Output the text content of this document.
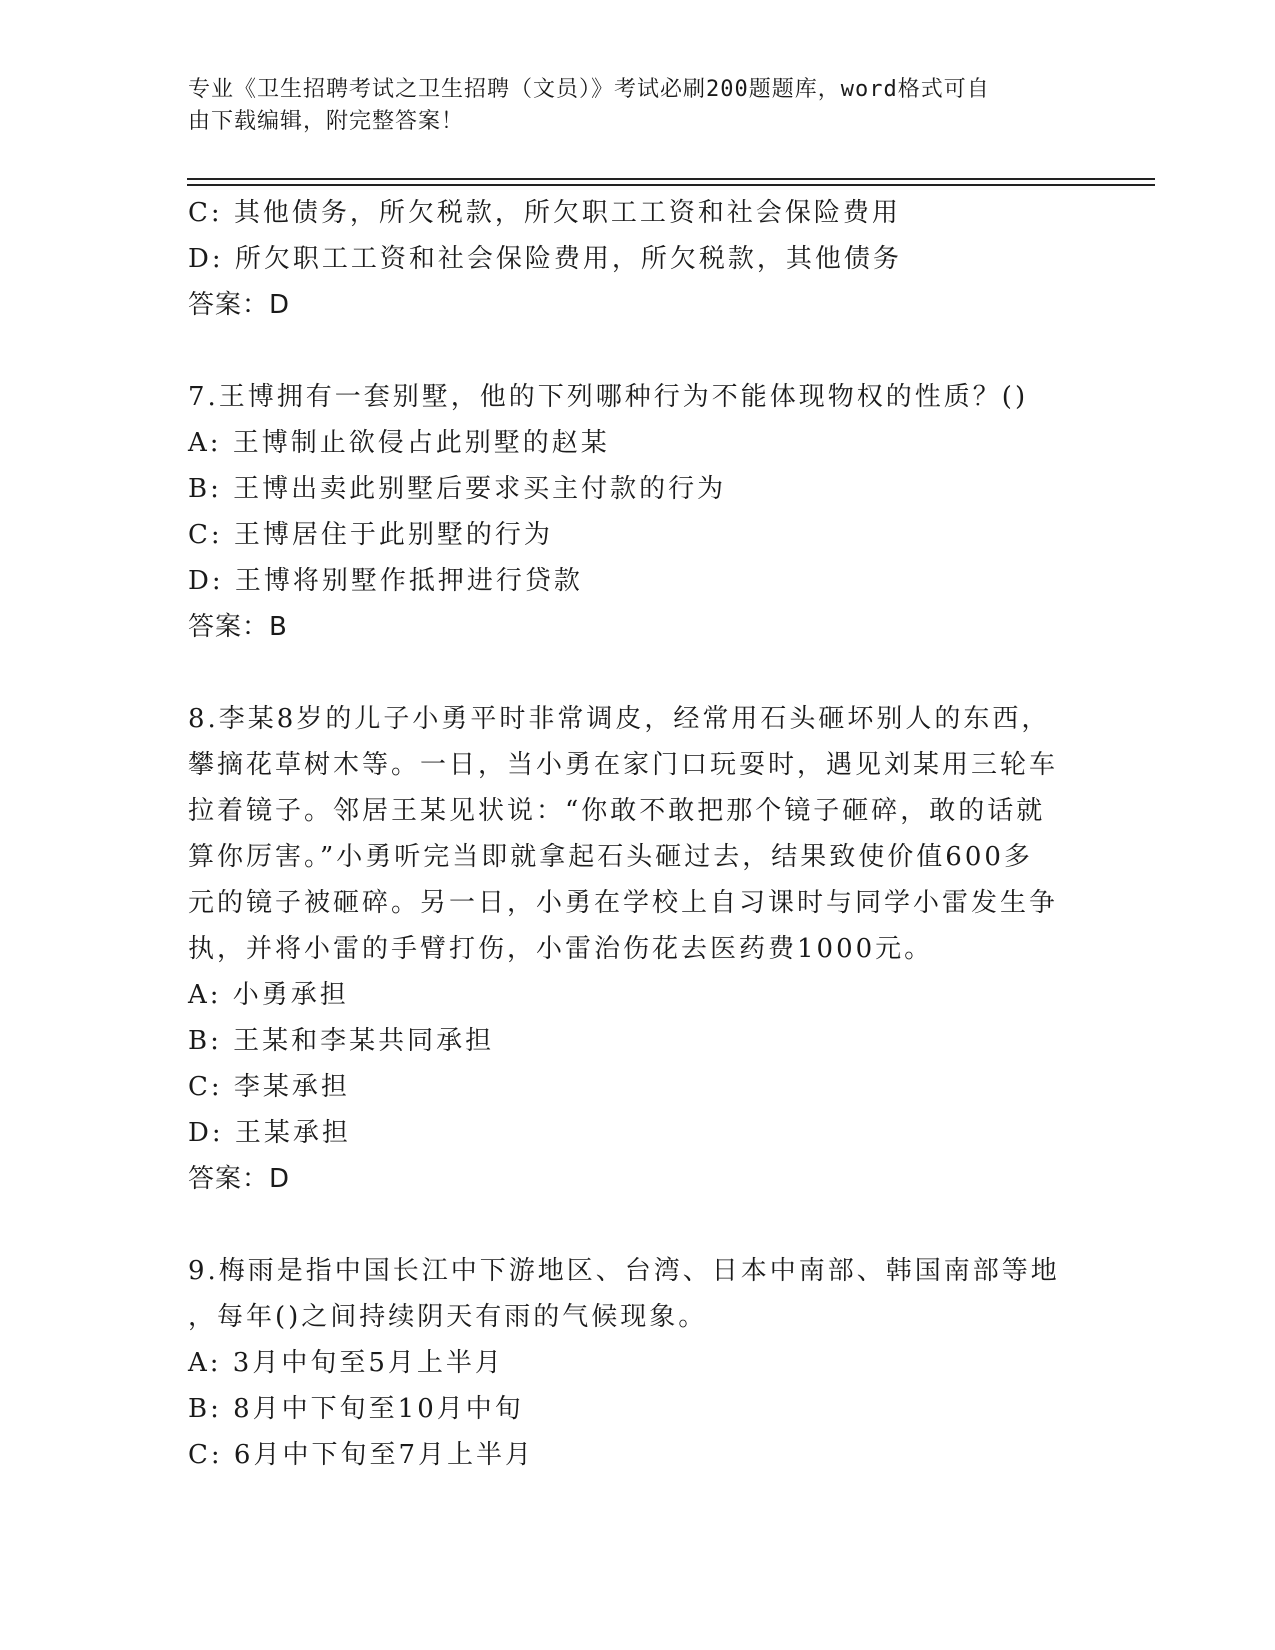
专业《卫生招聘考试之卫生招聘（文员）》考试必刷200题题库，word格式可自
由下载编辑，附完整答案！
C: 其他债务，所欠税款，所欠职工工资和社会保险费用
D: 所欠职工工资和社会保险费用，所欠税款，其他债务
答案：D
7.王博拥有一套别墅，他的下列哪种行为不能体现物权的性质？()
A: 王博制止欲侵占此别墅的赵某
B: 王博出卖此别墅后要求买主付款的行为
C: 王博居住于此别墅的行为
D: 王博将别墅作抵押进行贷款
答案：B
8.李某8岁的儿子小勇平时非常调皮，经常用石头砸坏别人的东西，
攀摘花草树木等。一日，当小勇在家门口玩耍时，遇见刘某用三轮车
拉着镜子。邻居王某见状说：“你敢不敢把那个镜子砸碎，敢的话就
算你厉害。”小勇听完当即就拿起石头砸过去，结果致使价值600多
元的镜子被砸碎。另一日，小勇在学校上自习课时与同学小雷发生争
执，并将小雷的手臂打伤，小雷治伤花去医药费1000元。
A: 小勇承担
B: 王某和李某共同承担
C: 李某承担
D: 王某承担
答案：D
9.梅雨是指中国长江中下游地区、台湾、日本中南部、韩国南部等地
，每年()之间持续阴天有雨的气候现象。
A: 3月中旬至5月上半月
B: 8月中下旬至10月中旬
C: 6月中下旬至7月上半月
